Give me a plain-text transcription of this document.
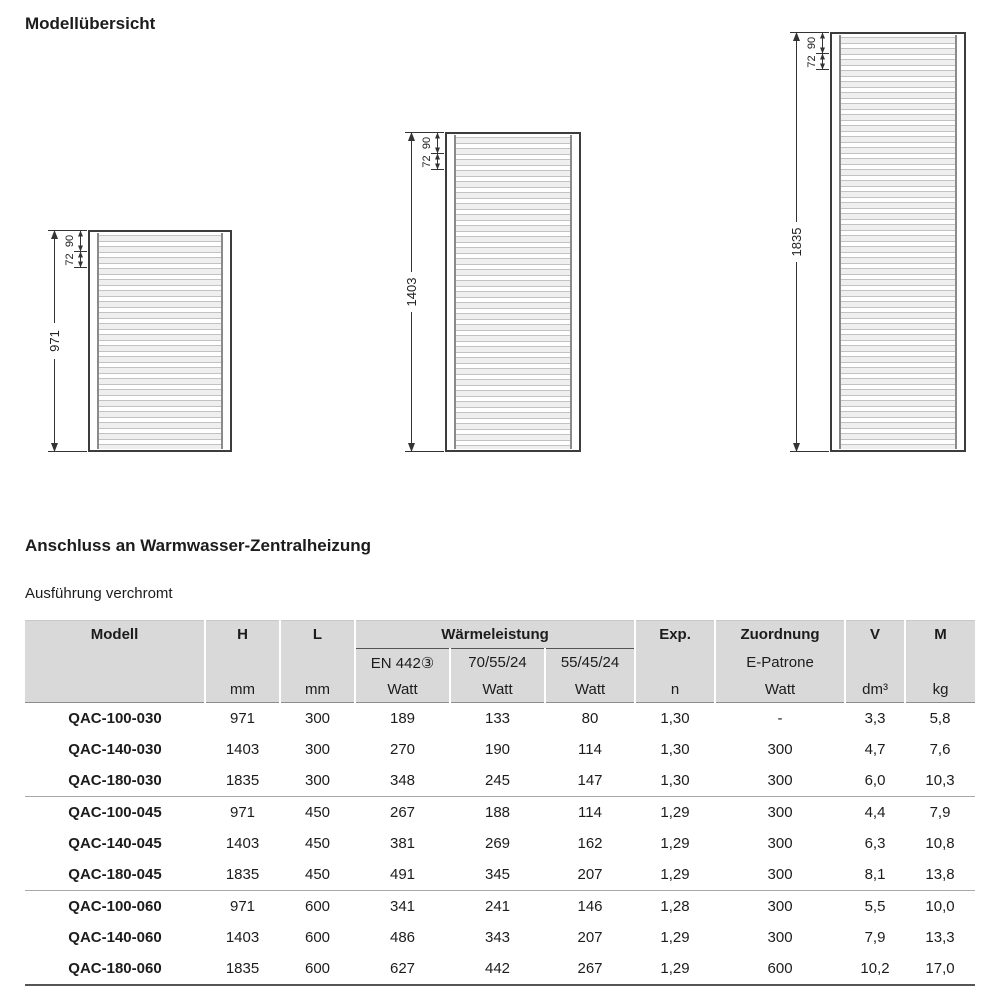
Modellübersicht
971
90
72
1403
90
72
1835
90
72
Anschluss an Warmwasser-Zentralheizung
Ausführung verchromt
Modell	H	L	Wärmeleistung			Exp.	Zuordnung	V	M
			EN 442③	70/55/24	55/45/24		E-Patrone		
	mm	mm	Watt	Watt	Watt	n	Watt	dm³	kg
QAC-100-030	971	300	189	133	80	1,30	-	3,3	5,8
QAC-140-030	1403	300	270	190	114	1,30	300	4,7	7,6
QAC-180-030	1835	300	348	245	147	1,30	300	6,0	10,3
QAC-100-045	971	450	267	188	114	1,29	300	4,4	7,9
QAC-140-045	1403	450	381	269	162	1,29	300	6,3	10,8
QAC-180-045	1835	450	491	345	207	1,29	300	8,1	13,8
QAC-100-060	971	600	341	241	146	1,28	300	5,5	10,0
QAC-140-060	1403	600	486	343	207	1,29	300	7,9	13,3
QAC-180-060	1835	600	627	442	267	1,29	600	10,2	17,0
